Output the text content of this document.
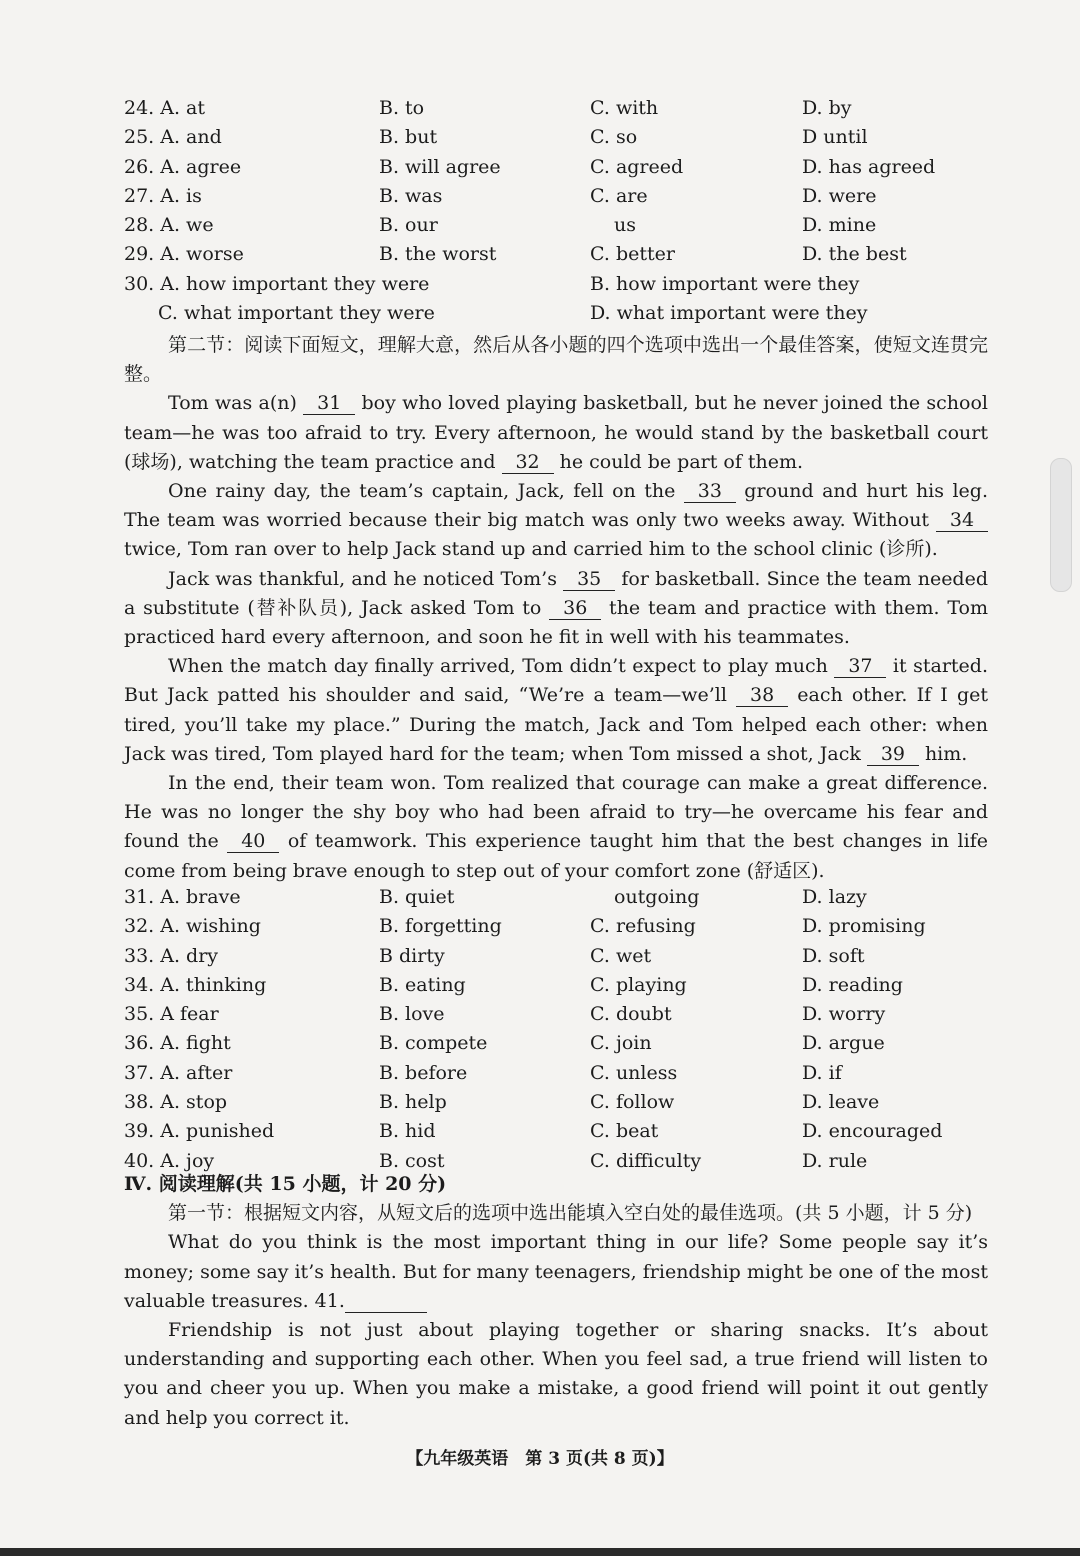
24. A. at	B. to	C. with	D. by
25. A. and	B. but	C. so	D until
26. A. agree	B. will agree	C. agreed	D. has agreed
27. A. is	B. was	C. are	D. were
28. A. we	B. our	us	D. mine
29. A. worse	B. the worst	C. better	D. the best
30. A. how important they were	B. how important were they
C. what important they were	D. what important were they

第二节：阅读下面短文，理解大意，然后从各小题的四个选项中选出一个最佳答案，使短文连贯完整。

Tom was a(n) 31 boy who loved playing basketball, but he never joined the school team—he was too afraid to try. Every afternoon, he would stand by the basketball court (球场), watching the team practice and 32 he could be part of them.

One rainy day, the team’s captain, Jack, fell on the 33 ground and hurt his leg. The team was worried because their big match was only two weeks away. Without 34 twice, Tom ran over to help Jack stand up and carried him to the school clinic (诊所).

Jack was thankful, and he noticed Tom’s 35 for basketball. Since the team needed a substitute (替补队员), Jack asked Tom to 36 the team and practice with them. Tom practiced hard every afternoon, and soon he fit in well with his teammates.

When the match day finally arrived, Tom didn’t expect to play much 37 it started. But Jack patted his shoulder and said, “We’re a team—we’ll 38 each other. If I get tired, you’ll take my place.” During the match, Jack and Tom helped each other: when Jack was tired, Tom played hard for the team; when Tom missed a shot, Jack 39 him.

In the end, their team won. Tom realized that courage can make a great difference. He was no longer the shy boy who had been afraid to try—he overcame his fear and found the 40 of teamwork. This experience taught him that the best changes in life come from being brave enough to step out of your comfort zone (舒适区).

31. A. brave	B. quiet	outgoing	D. lazy
32. A. wishing	B. forgetting	C. refusing	D. promising
33. A. dry	B dirty	C. wet	D. soft
34. A. thinking	B. eating	C. playing	D. reading
35. A fear	B. love	C. doubt	D. worry
36. A. fight	B. compete	C. join	D. argue
37. A. after	B. before	C. unless	D. if
38. A. stop	B. help	C. follow	D. leave
39. A. punished	B. hid	C. beat	D. encouraged
40. A. joy	B. cost	C. difficulty	D. rule

Ⅳ. 阅读理解(共 15 小题，计 20 分)

第一节：根据短文内容，从短文后的选项中选出能填入空白处的最佳选项。(共 5 小题，计 5 分)

What do you think is the most important thing in our life? Some people say it’s money; some say it’s health. But for many teenagers, friendship might be one of the most valuable treasures. 41.

Friendship is not just about playing together or sharing snacks. It’s about understanding and supporting each other. When you feel sad, a true friend will listen to you and cheer you up. When you make a mistake, a good friend will point it out gently and help you correct it.

【九年级英语　第 3 页(共 8 页)】
